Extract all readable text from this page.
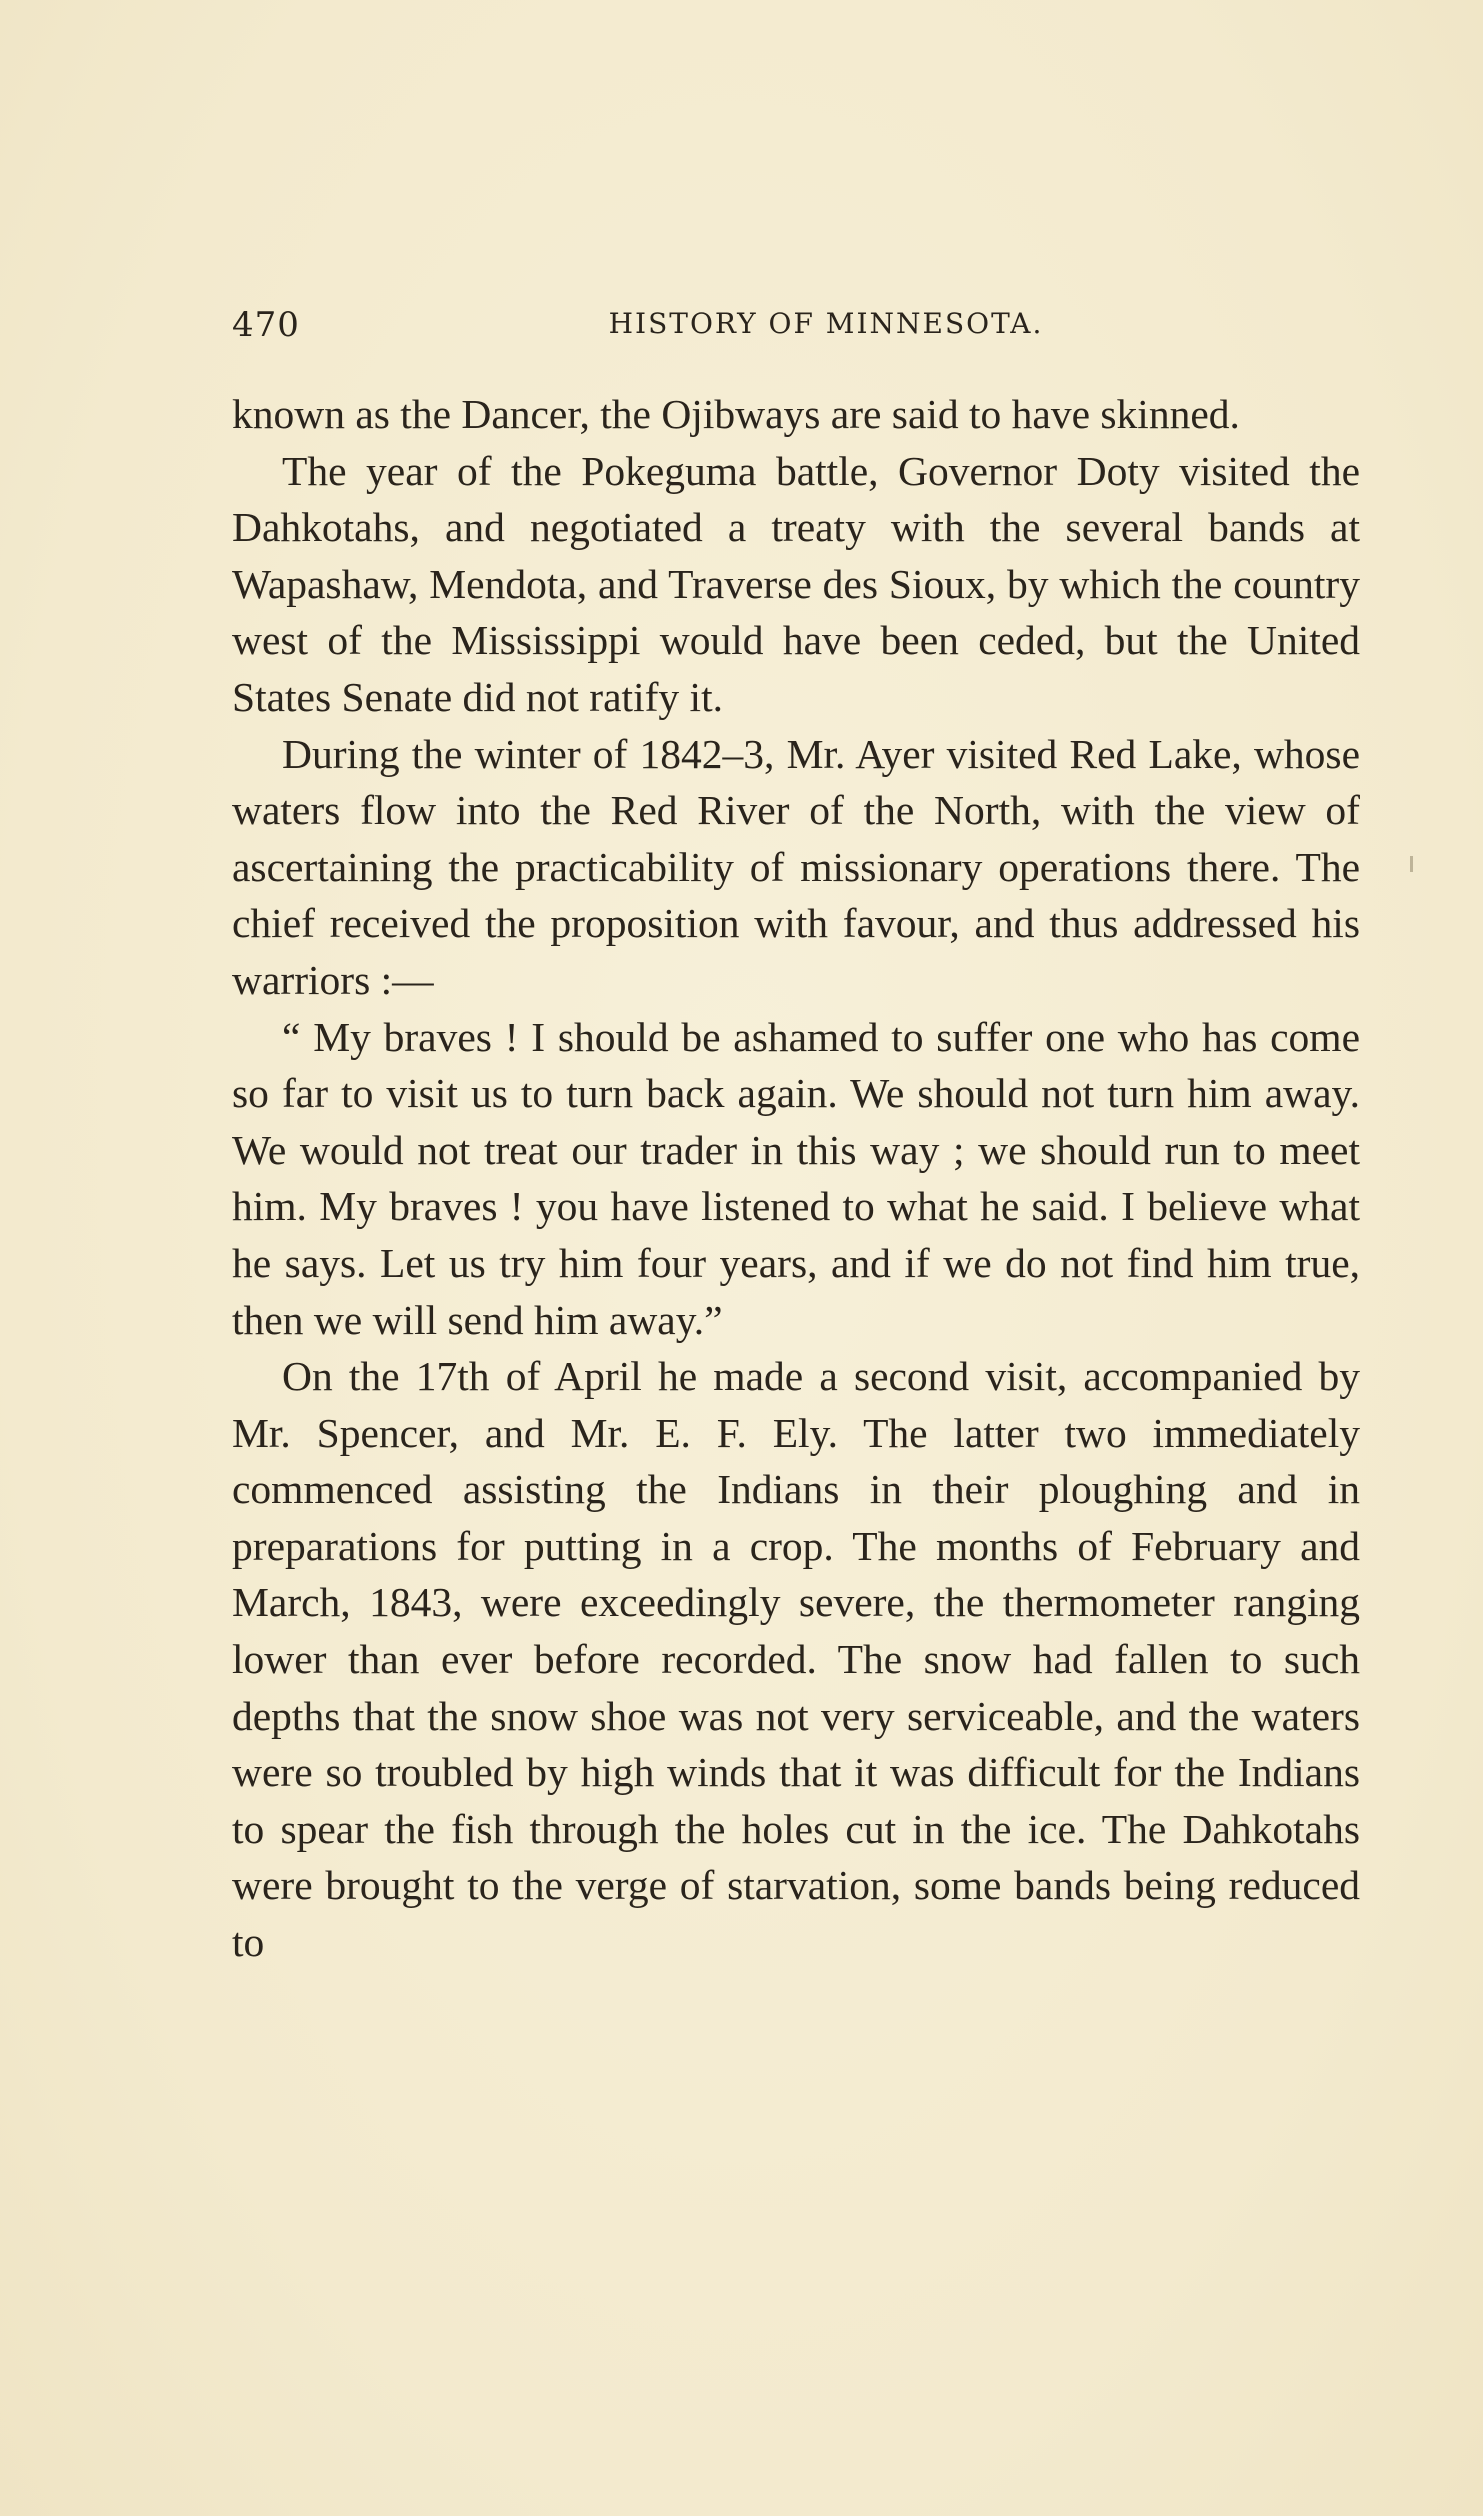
470	HISTORY OF MINNESOTA.

known as the Dancer, the Ojibways are said to have skinned.

The year of the Pokeguma battle, Governor Doty visited the Dahkotahs, and negotiated a treaty with the several bands at Wapashaw, Mendota, and Traverse des Sioux, by which the country west of the Mississippi would have been ceded, but the United States Senate did not ratify it.

During the winter of 1842–3, Mr. Ayer visited Red Lake, whose waters flow into the Red River of the North, with the view of ascertaining the practicability of missionary operations there. The chief received the proposition with favour, and thus addressed his warriors :—

“ My braves ! I should be ashamed to suffer one who has come so far to visit us to turn back again. We should not turn him away. We would not treat our trader in this way ; we should run to meet him. My braves ! you have listened to what he said. I believe what he says. Let us try him four years, and if we do not find him true, then we will send him away.”

On the 17th of April he made a second visit, accompanied by Mr. Spencer, and Mr. E. F. Ely. The latter two immediately commenced assisting the Indians in their ploughing and in preparations for putting in a crop. The months of February and March, 1843, were exceedingly severe, the thermometer ranging lower than ever before recorded. The snow had fallen to such depths that the snow shoe was not very serviceable, and the waters were so troubled by high winds that it was difficult for the Indians to spear the fish through the holes cut in the ice. The Dahkotahs were brought to the verge of starvation, some bands being reduced to
